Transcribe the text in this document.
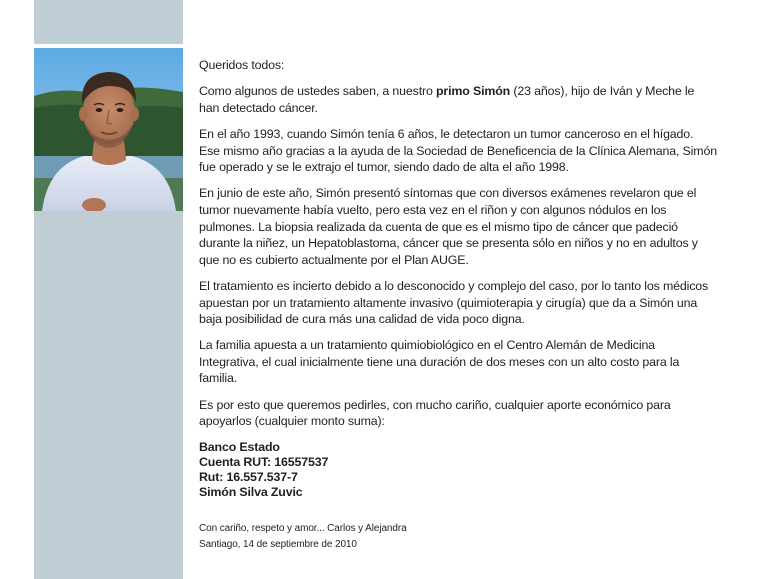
Queridos todos:

Como algunos de ustedes saben, a nuestro primo Simón (23 años), hijo de Iván y Meche le han detectado cáncer.

En el año 1993, cuando Simón tenía 6 años, le detectaron un tumor canceroso en el hígado. Ese mismo año gracias a la ayuda de la Sociedad de Beneficencia de la Clínica Alemana, Simón fue operado y se le extrajo el tumor, siendo dado de alta el año 1998.

En junio de este año, Simón presentó síntomas que con diversos exámenes revelaron que el tumor nuevamente había vuelto, pero esta vez en el riñon y con algunos nódulos en los pulmones. La biopsia realizada da cuenta de que es el mismo tipo de cáncer que padeció durante la niñez, un Hepatoblastoma, cáncer que se presenta sólo en niños y no en adultos y que no es cubierto actualmente por el Plan AUGE.

El tratamiento es incierto debido a lo desconocido y complejo del caso, por lo tanto los médicos apuestan por un tratamiento altamente invasivo (quimioterapia y cirugía) que da a Simón una baja posibilidad de cura más una calidad de vida poco digna.

La familia apuesta a un tratamiento quimiobiológico en el Centro Alemán de Medicina Integrativa, el cual inicialmente tiene una duración de dos meses con un alto costo para la familia.

Es por esto que queremos pedirles, con mucho cariño, cualquier aporte económico para apoyarlos (cualquier monto suma):

Banco Estado
Cuenta RUT: 16557537
Rut: 16.557.537-7
Simón Silva Zuvic
Con cariño, respeto y amor... Carlos y Alejandra
Santiago, 14 de septiembre de 2010
